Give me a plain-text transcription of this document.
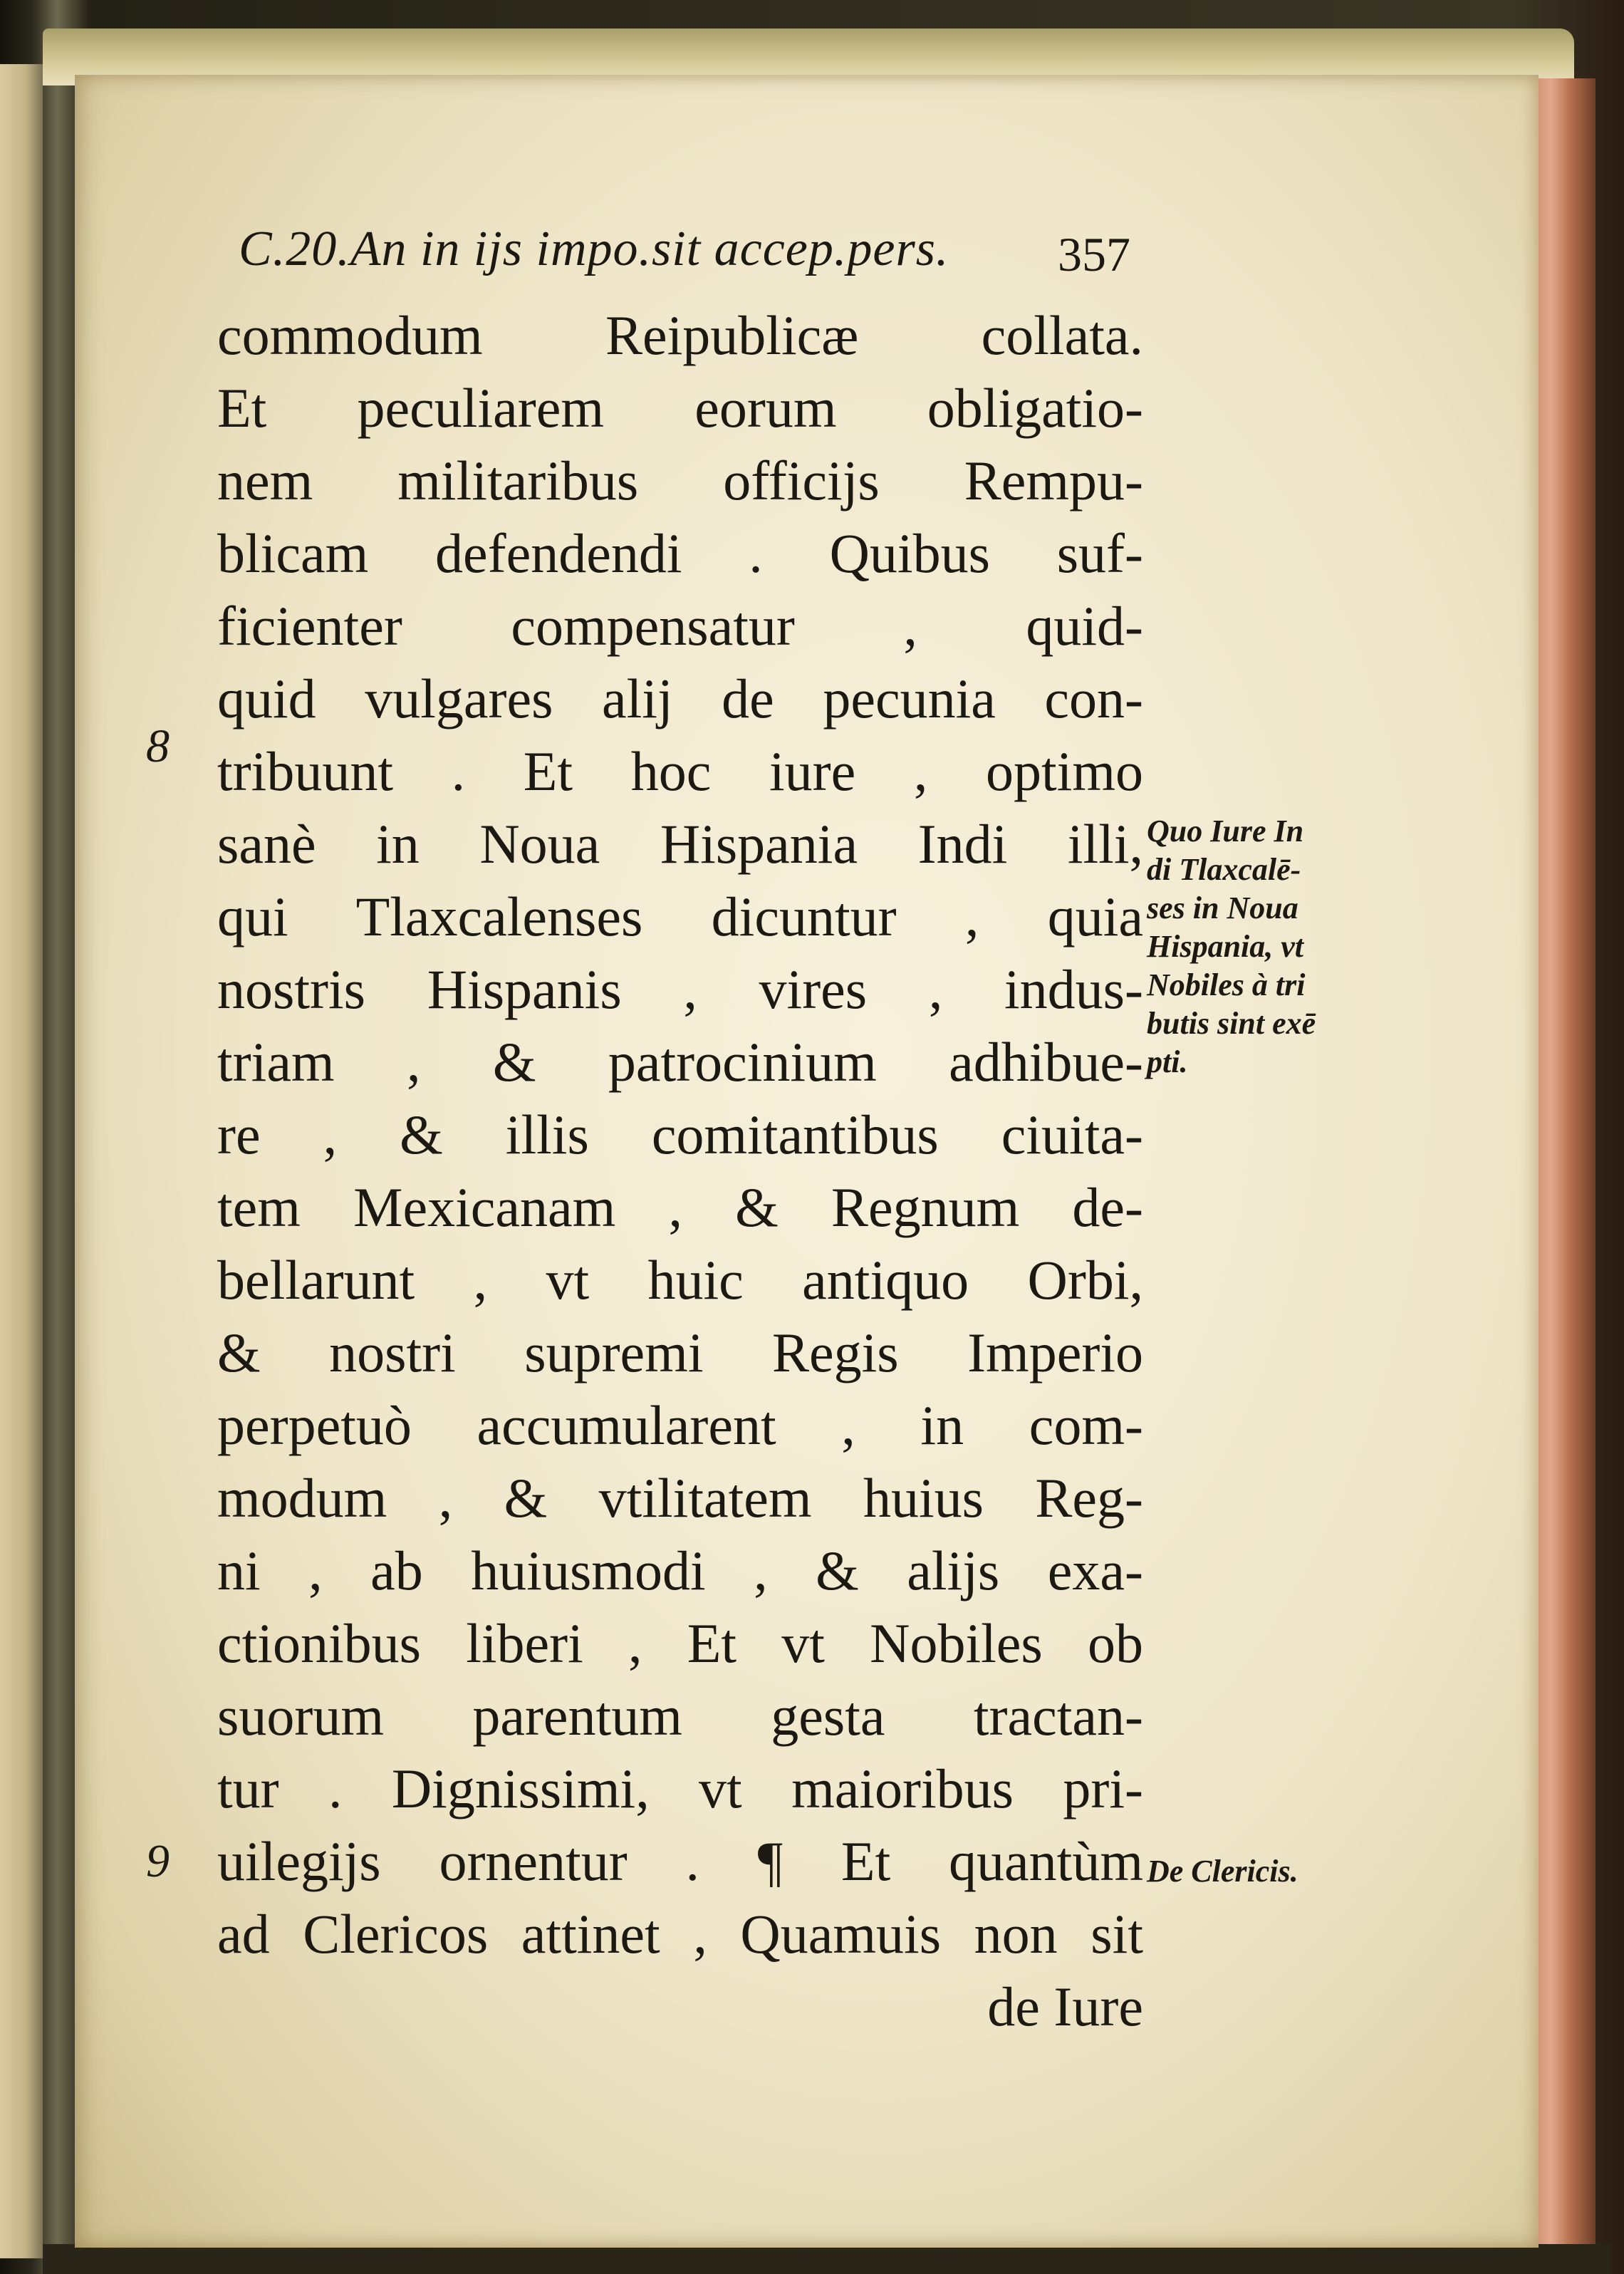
C.20.An in ijs impo.sit accep.pers. 357
commodum Reipublicæ collata.
Et peculiarem eorum obligatio-
nem militaribus officijs Rempu-
blicam defendendi . Quibus suf-
ficienter compensatur , quid-
quid vulgares alij de pecunia con-
tribuunt . Et hoc iure , optimo
sanè in Noua Hispania Indi illi,
qui Tlaxcalenses dicuntur , quia
nostris Hispanis , vires , indus-
triam , & patrocinium adhibue-
re , & illis comitantibus ciuita-
tem Mexicanam , & Regnum de-
bellarunt , vt huic antiquo Orbi,
& nostri supremi Regis Imperio
perpetuò accumularent , in com-
modum , & vtilitatem huius Reg-
ni , ab huiusmodi , & alijs exa-
ctionibus liberi , Et vt Nobiles ob
suorum parentum gesta tractan-
tur . Dignissimi, vt maioribus pri-
uilegijs ornentur . ¶ Et quantùm
ad Clericos attinet , Quamuis non sit
de Iure
8
9
Quo Iure In
di Tlaxcalē-
ses in Noua
Hispania, vt
Nobiles à tri
butis sint exē
pti.
De Clericis.
